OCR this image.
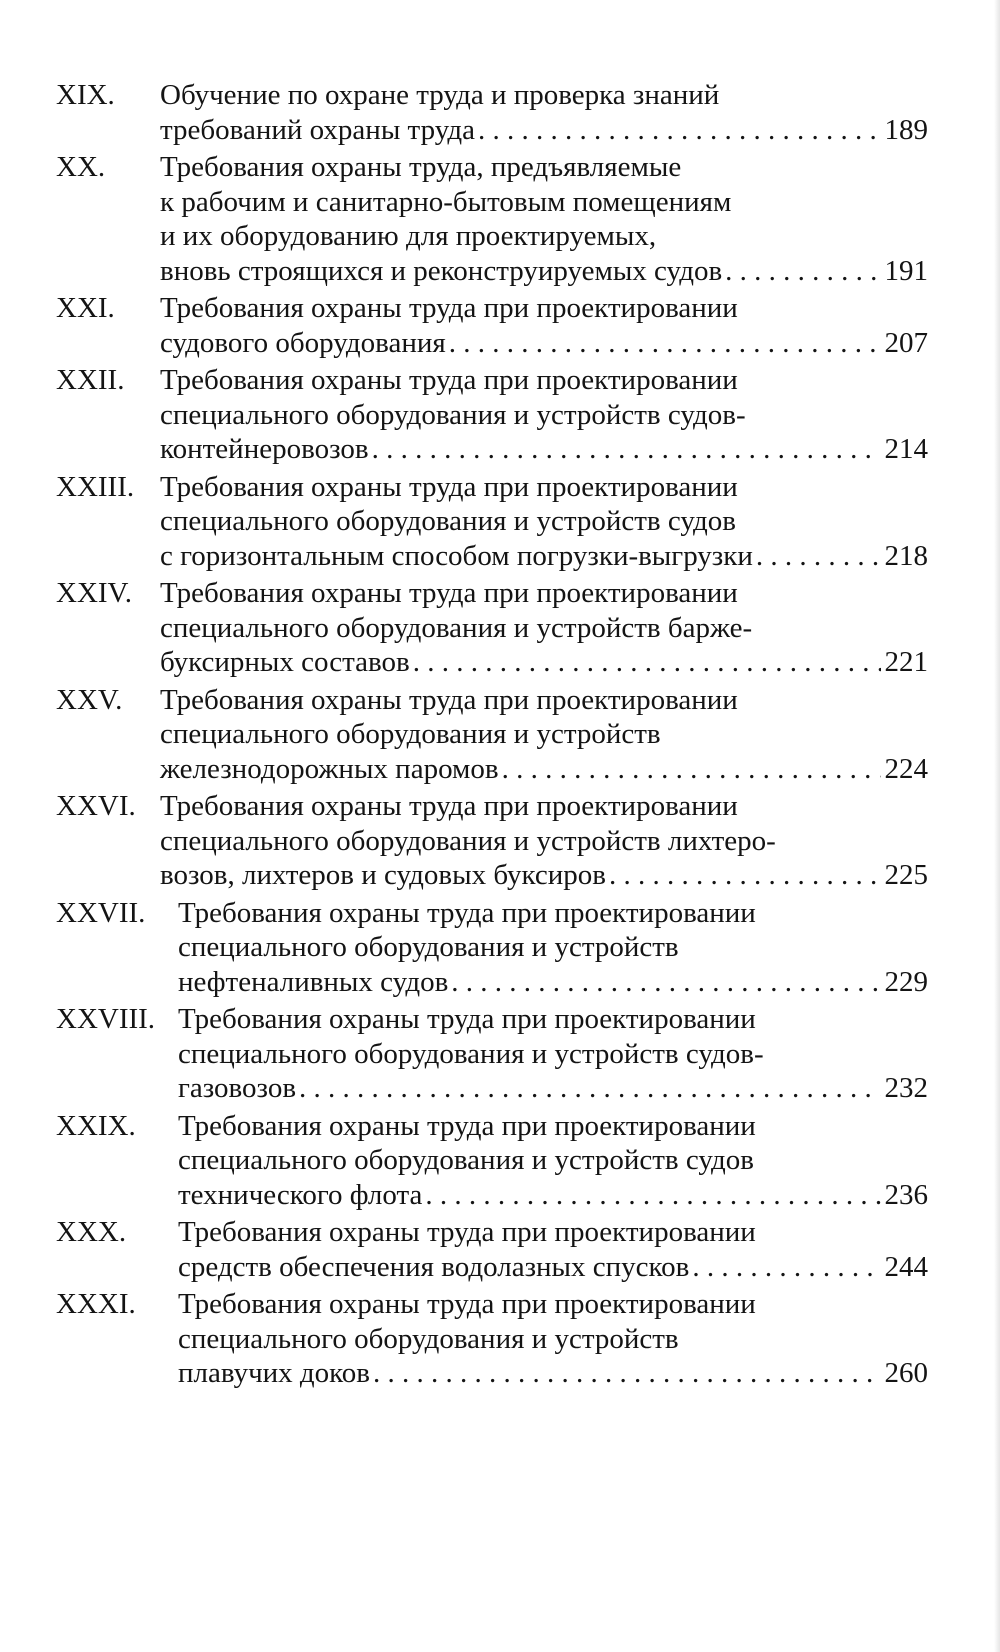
XIX. Обучение по охране труда и проверка знаний
требований охраны труда . . .	189
XX. Требования охраны труда, предъявляемые
к рабочим и санитарно-бытовым помещениям
и их оборудованию для проектируемых,
вновь строящихся и реконструируемых судов . . .	191
XXI. Требования охраны труда при проектировании
судового оборудования . . .	207
XXII. Требования охраны труда при проектировании
специального оборудования и устройств судов-
контейнеровозов . . .	214
XXIII. Требования охраны труда при проектировании
специального оборудования и устройств судов
с горизонтальным способом погрузки-выгрузки . . .	218
XXIV. Требования охраны труда при проектировании
специального оборудования и устройств барже-
буксирных составов . . .	221
XXV. Требования охраны труда при проектировании
специального оборудования и устройств
железнодорожных паромов . . .	224
XXVI. Требования охраны труда при проектировании
специального оборудования и устройств лихтеро-
возов, лихтеров и судовых буксиров . . .	225
XXVII. Требования охраны труда при проектировании
специального оборудования и устройств
нефтеналивных судов . . .	229
XXVIII. Требования охраны труда при проектировании
специального оборудования и устройств судов-
газовозов . . .	232
XXIX. Требования охраны труда при проектировании
специального оборудования и устройств судов
технического флота . . .	236
XXX. Требования охраны труда при проектировании
средств обеспечения водолазных спусков . . .	244
XXXI. Требования охраны труда при проектировании
специального оборудования и устройств
плавучих доков . . .	260
